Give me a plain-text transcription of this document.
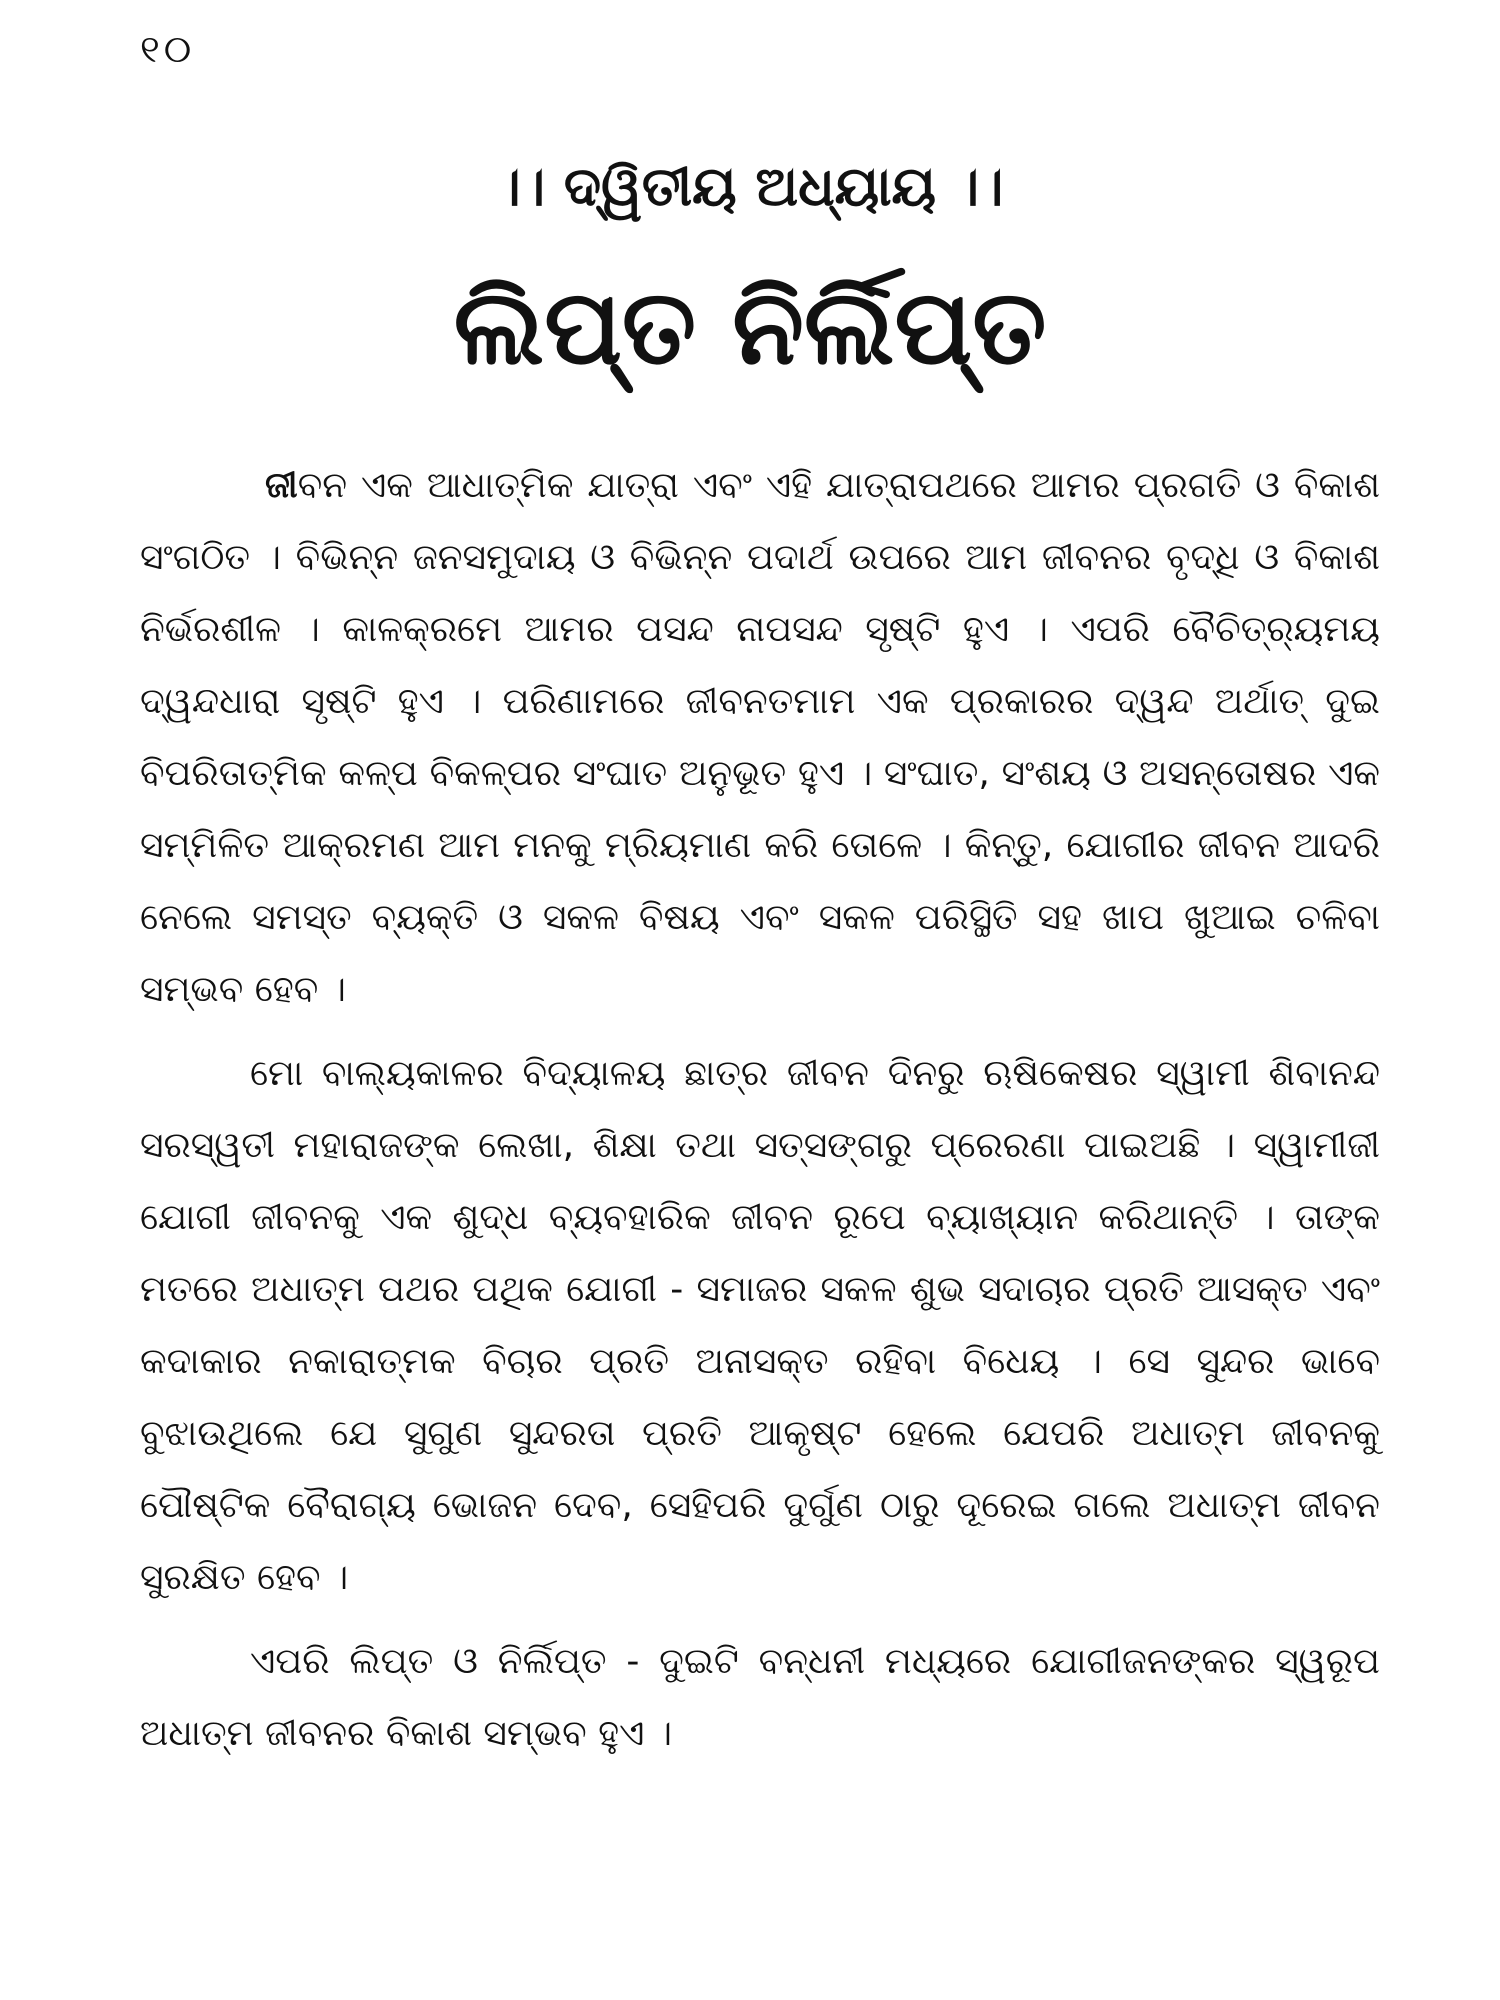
୧୦
।। ଦ୍ୱିତୀୟ ଅଧ୍ୟାୟ ।।
ଲିପ୍ତ ନିର୍ଲିପ୍ତ

ଜୀବନ ଏକ ଆଧାତ୍ମିକ ଯାତ୍ରା ଏବଂ ଏହି ଯାତ୍ରାପଥରେ ଆମର ପ୍ରଗତି ଓ ବିକାଶ ସଂଗଠିତ । ବିଭିନ୍ନ ଜନସମୁଦାୟ ଓ ବିଭିନ୍ନ ପଦାର୍ଥ ଉପରେ ଆମ ଜୀବନର ବୃଦ୍ଧି ଓ ବିକାଶ ନିର୍ଭରଶୀଳ । କାଳକ୍ରମେ ଆମର ପସନ୍ଦ ନାପସନ୍ଦ ସୃଷ୍ଟି ହୁଏ । ଏପରି ବୈଚିତ୍ର୍ୟମୟ ଦ୍ୱନ୍ଦଧାରା ସୃଷ୍ଟି ହୁଏ । ପରିଣାମରେ ଜୀବନତମାମ ଏକ ପ୍ରକାରର ଦ୍ୱନ୍ଦ ଅର୍ଥାତ୍ ଦୁଇ ବିପରିତାତ୍ମିକ କଳ୍ପ ବିକଳ୍ପର ସଂଘାତ ଅନୁଭୂତ ହୁଏ । ସଂଘାତ, ସଂଶୟ ଓ ଅସନ୍ତୋଷର ଏକ ସମ୍ମିଳିତ ଆକ୍ରମଣ ଆମ ମନକୁ ମ୍ରିୟମାଣ କରି ତୋଳେ । କିନ୍ତୁ, ଯୋଗୀର ଜୀବନ ଆଦରି ନେଲେ ସମସ୍ତ ବ୍ୟକ୍ତି ଓ ସକଳ ବିଷୟ ଏବଂ ସକଳ ପରିସ୍ଥିତି ସହ ଖାପ ଖୁଆଇ ଚଳିବା ସମ୍ଭବ ହେବ ।

ମୋ ବାଲ୍ୟକାଳର ବିଦ୍ୟାଳୟ ଛାତ୍ର ଜୀବନ ଦିନରୁ ଋଷିକେଷର ସ୍ୱାମୀ ଶିବାନନ୍ଦ ସରସ୍ୱତୀ ମହାରାଜଙ୍କ ଲେଖା, ଶିକ୍ଷା ତଥା ସତ୍‌ସଙ୍ଗରୁ ପ୍ରେରଣା ପାଇଅଛି । ସ୍ୱାମୀଜୀ ଯୋଗୀ ଜୀବନକୁ ଏକ ଶୁଦ୍ଧ ବ୍ୟବହାରିକ ଜୀବନ ରୂପେ ବ୍ୟାଖ୍ୟାନ କରିଥାନ୍ତି । ତାଙ୍କ ମତରେ ଅଧାତ୍ମ ପଥର ପଥିକ ଯୋଗୀ - ସମାଜର ସକଳ ଶୁଭ ସଦାଚାର ପ୍ରତି ଆସକ୍ତ ଏବଂ କଦାକାର ନକାରାତ୍ମକ ବିଚାର ପ୍ରତି ଅନାସକ୍ତ ରହିବା ବିଧେୟ । ସେ ସୁନ୍ଦର ଭାବେ ବୁଝାଉଥିଲେ ଯେ ସୁଗୁଣ ସୁନ୍ଦରତା ପ୍ରତି ଆକୃଷ୍ଟ ହେଲେ ଯେପରି ଅଧାତ୍ମ ଜୀବନକୁ ପୌଷ୍ଟିକ ବୈରାଗ୍ୟ ଭୋଜନ ଦେବ, ସେହିପରି ଦୁର୍ଗୁଣ ଠାରୁ ଦୂରେଇ ଗଲେ ଅଧାତ୍ମ ଜୀବନ ସୁରକ୍ଷିତ ହେବ ।

ଏପରି ଲିପ୍ତ ଓ ନିର୍ଲିପ୍ତ - ଦୁଇଟି ବନ୍ଧନୀ ମଧ୍ୟରେ ଯୋଗୀଜନଙ୍କର ସ୍ୱରୂପ ଅଧାତ୍ମ ଜୀବନର ବିକାଶ ସମ୍ଭବ ହୁଏ ।
